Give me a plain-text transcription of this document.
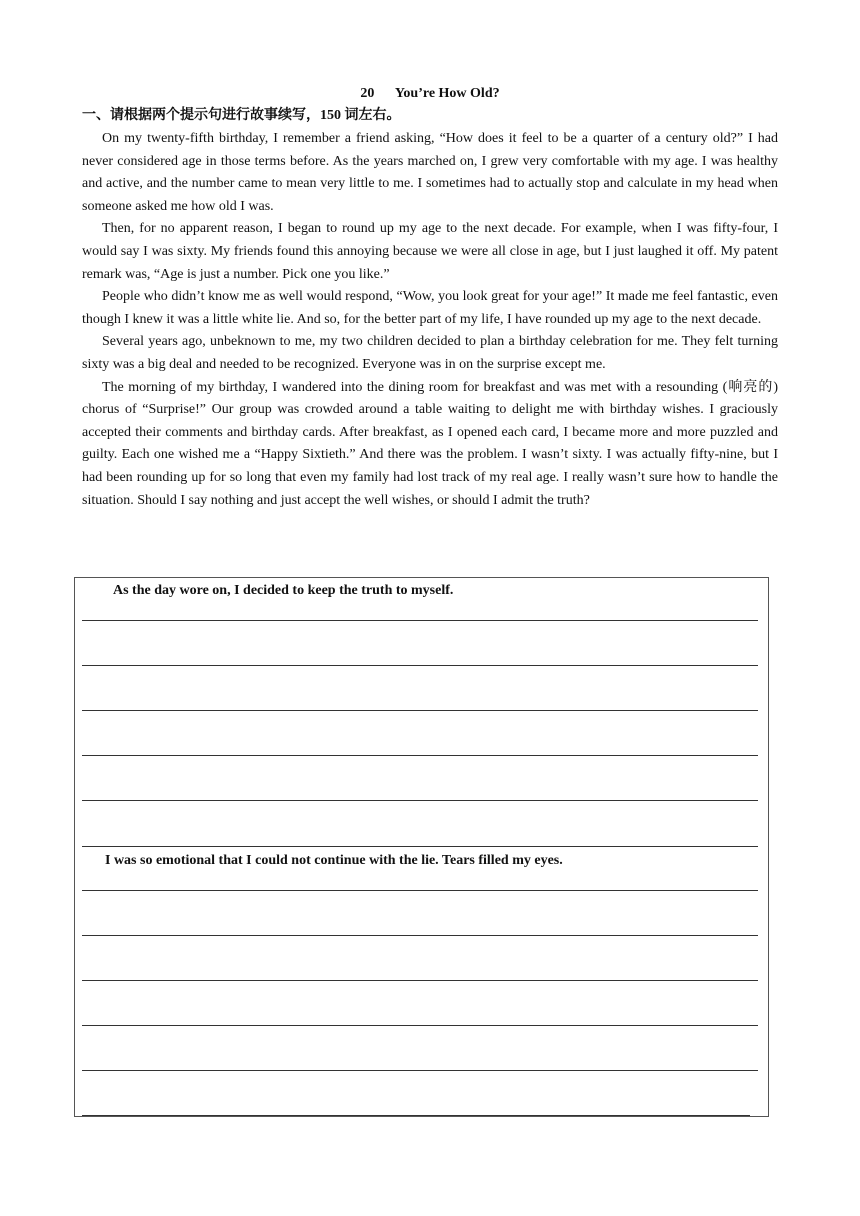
20      You’re How Old?
一、请根据两个提示句进行故事续写，150 词左右。

On my twenty-fifth birthday, I remember a friend asking, “How does it feel to be a quarter of a century old?” I had never considered age in those terms before. As the years marched on, I grew very comfortable with my age. I was healthy and active, and the number came to mean very little to me. I sometimes had to actually stop and calculate in my head when someone asked me how old I was.

Then, for no apparent reason, I began to round up my age to the next decade. For example, when I was fifty-four, I would say I was sixty. My friends found this annoying because we were all close in age, but I just laughed it off. My patent remark was, “Age is just a number. Pick one you like.”

People who didn’t know me as well would respond, “Wow, you look great for your age!” It made me feel fantastic, even though I knew it was a little white lie. And so, for the better part of my life, I have rounded up my age to the next decade.

Several years ago, unbeknown to me, my two children decided to plan a birthday celebration for me. They felt turning sixty was a big deal and needed to be recognized. Everyone was in on the surprise except me.

The morning of my birthday, I wandered into the dining room for breakfast and was met with a resounding (响亮的) chorus of “Surprise!” Our group was crowded around a table waiting to delight me with birthday wishes. I graciously accepted their comments and birthday cards. After breakfast, as I opened each card, I became more and more puzzled and guilty. Each one wished me a “Happy Sixtieth.” And there was the problem. I wasn’t sixty. I was actually fifty-nine, but I had been rounding up for so long that even my family had lost track of my real age. I really wasn’t sure how to handle the situation. Should I say nothing and just accept the well wishes, or should I admit the truth?

As the day wore on, I decided to keep the truth to myself.
I was so emotional that I could not continue with the lie. Tears filled my eyes.
